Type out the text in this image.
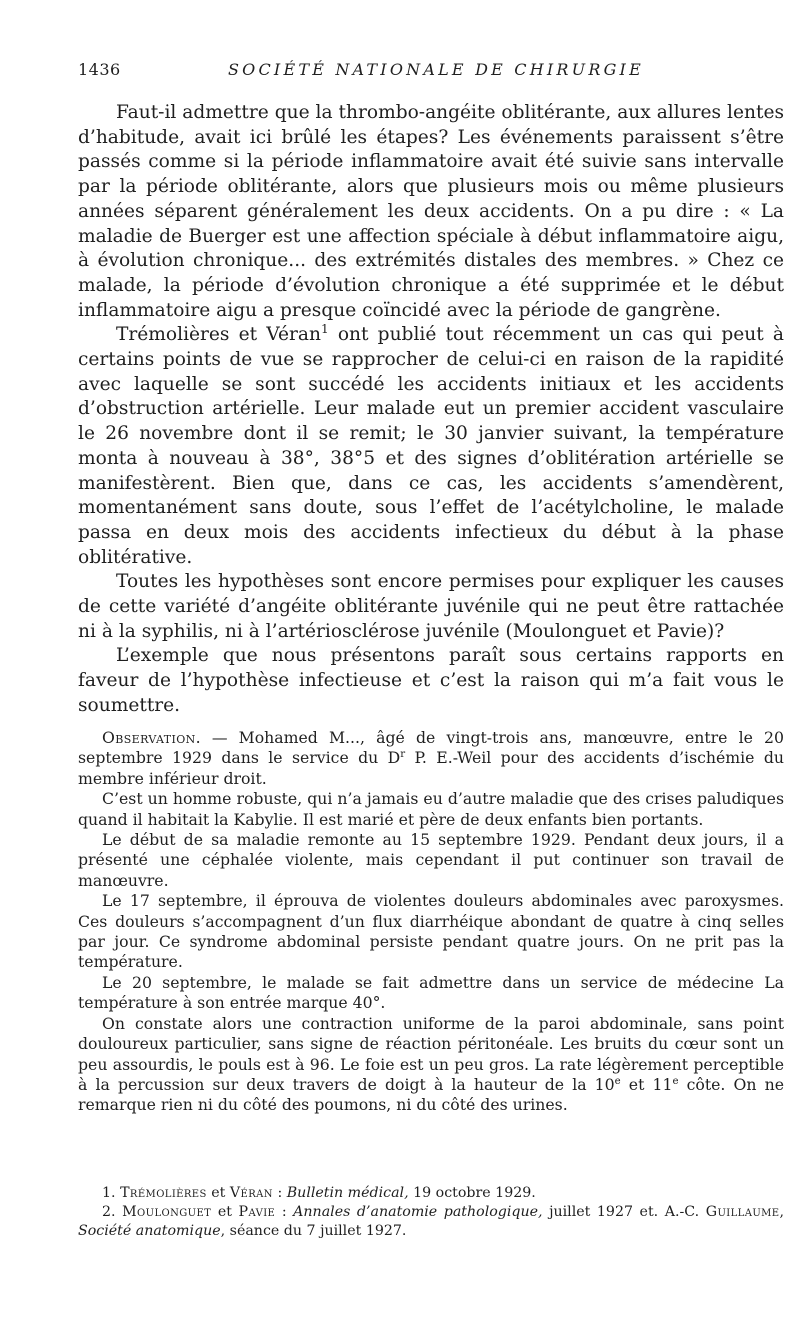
1436	SOCIÉTÉ NATIONALE DE CHIRURGIE

Faut-il admettre que la thrombo-angéite oblitérante, aux allures lentes d’habitude, avait ici brûlé les étapes? Les événements paraissent s’être passés comme si la période inflammatoire avait été suivie sans intervalle par la période oblitérante, alors que plusieurs mois ou même plusieurs années séparent généralement les deux accidents. On a pu dire : « La maladie de Buerger est une affection spéciale à début inflammatoire aigu, à évolution chronique... des extrémités distales des membres. » Chez ce malade, la période d’évolution chronique a été supprimée et le début inflammatoire aigu a presque coïncidé avec la période de gangrène.

Trémolières et Véran$^1$ ont publié tout récemment un cas qui peut à certains points de vue se rapprocher de celui-ci en raison de la rapidité avec laquelle se sont succédé les accidents initiaux et les accidents d’obstruction artérielle. Leur malade eut un premier accident vasculaire le 26 novembre dont il se remit; le 30 janvier suivant, la température monta à nouveau à 38°, 38°5 et des signes d’oblitération artérielle se manifestèrent. Bien que, dans ce cas, les accidents s’amendèrent, momentanément sans doute, sous l’effet de l’acétylcholine, le malade passa en deux mois des accidents infectieux du début à la phase oblitérative.

Toutes les hypothèses sont encore permises pour expliquer les causes de cette variété d’angéite oblitérante juvénile qui ne peut être rattachée ni à la syphilis, ni à l’artériosclérose juvénile (Moulonguet et Pavie)?

L’exemple que nous présentons paraît sous certains rapports en faveur de l’hypothèse infectieuse et c’est la raison qui m’a fait vous le soumettre.

Observation. — Mohamed M..., âgé de vingt-trois ans, manœuvre, entre le 20 septembre 1929 dans le service du $D^r$ P. E.-Weil pour des accidents d’ischémie du membre inférieur droit.

C’est un homme robuste, qui n’a jamais eu d’autre maladie que des crises paludiques quand il habitait la Kabylie. Il est marié et père de deux enfants bien portants.

Le début de sa maladie remonte au 15 septembre 1929. Pendant deux jours, il a présenté une céphalée violente, mais cependant il put continuer son travail de manœuvre.

Le 17 septembre, il éprouva de violentes douleurs abdominales avec paroxysmes. Ces douleurs s’accompagnent d’un flux diarrhéique abondant de quatre à cinq selles par jour. Ce syndrome abdominal persiste pendant quatre jours. On ne prit pas la température.

Le 20 septembre, le malade se fait admettre dans un service de médecine La température à son entrée marque 40°.

On constate alors une contraction uniforme de la paroi abdominale, sans point douloureux particulier, sans signe de réaction péritonéale. Les bruits du cœur sont un peu assourdis, le pouls est à 96. Le foie est un peu gros. La rate légèrement perceptible à la percussion sur deux travers de doigt à la hauteur de la 10e et 11e côte. On ne remarque rien ni du côté des poumons, ni du côté des urines.

1. Trémolières et Véran : Bulletin médical, 19 octobre 1929.

2. Moulonguet et Pavie : Annales d’anatomie pathologique, juillet 1927 et. A.-C. Guillaume, Société anatomique, séance du 7 juillet 1927.
